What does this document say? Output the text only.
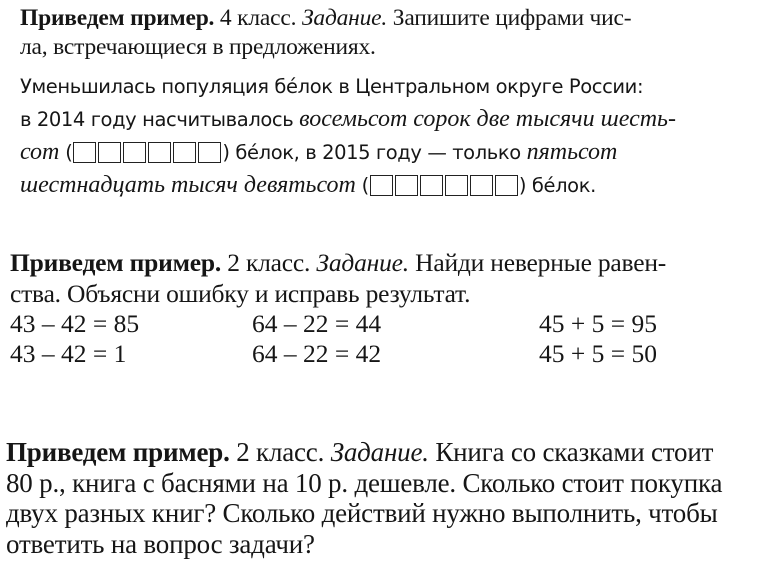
Приведем пример. 4 класс. Задание. Запишите цифрами чис-
ла, встречающиеся в предложениях.
Уменьшилась популяция бéлок в Центральном округе России:
в 2014 году насчитывалось восемьсот сорок две тысячи шесть-
сот (	) бéлок, в 2015 году — только пятьсот
шестнадцать тысяч девятьсот (	) бéлок.
Приведем пример. 2 класс. Задание. Найди неверные равен-
ства. Объясни ошибку и исправь результат.
43 – 42 = 85	64 – 22 = 44	45 + 5 = 95
43 – 42 = 1	64 – 22 = 42	45 + 5 = 50
Приведем пример. 2 класс. Задание. Книга со сказками стоит
80 р., книга с баснями на 10 р. дешевле. Сколько стоит покупка
двух разных книг? Сколько действий нужно выполнить, чтобы
ответить на вопрос задачи?
